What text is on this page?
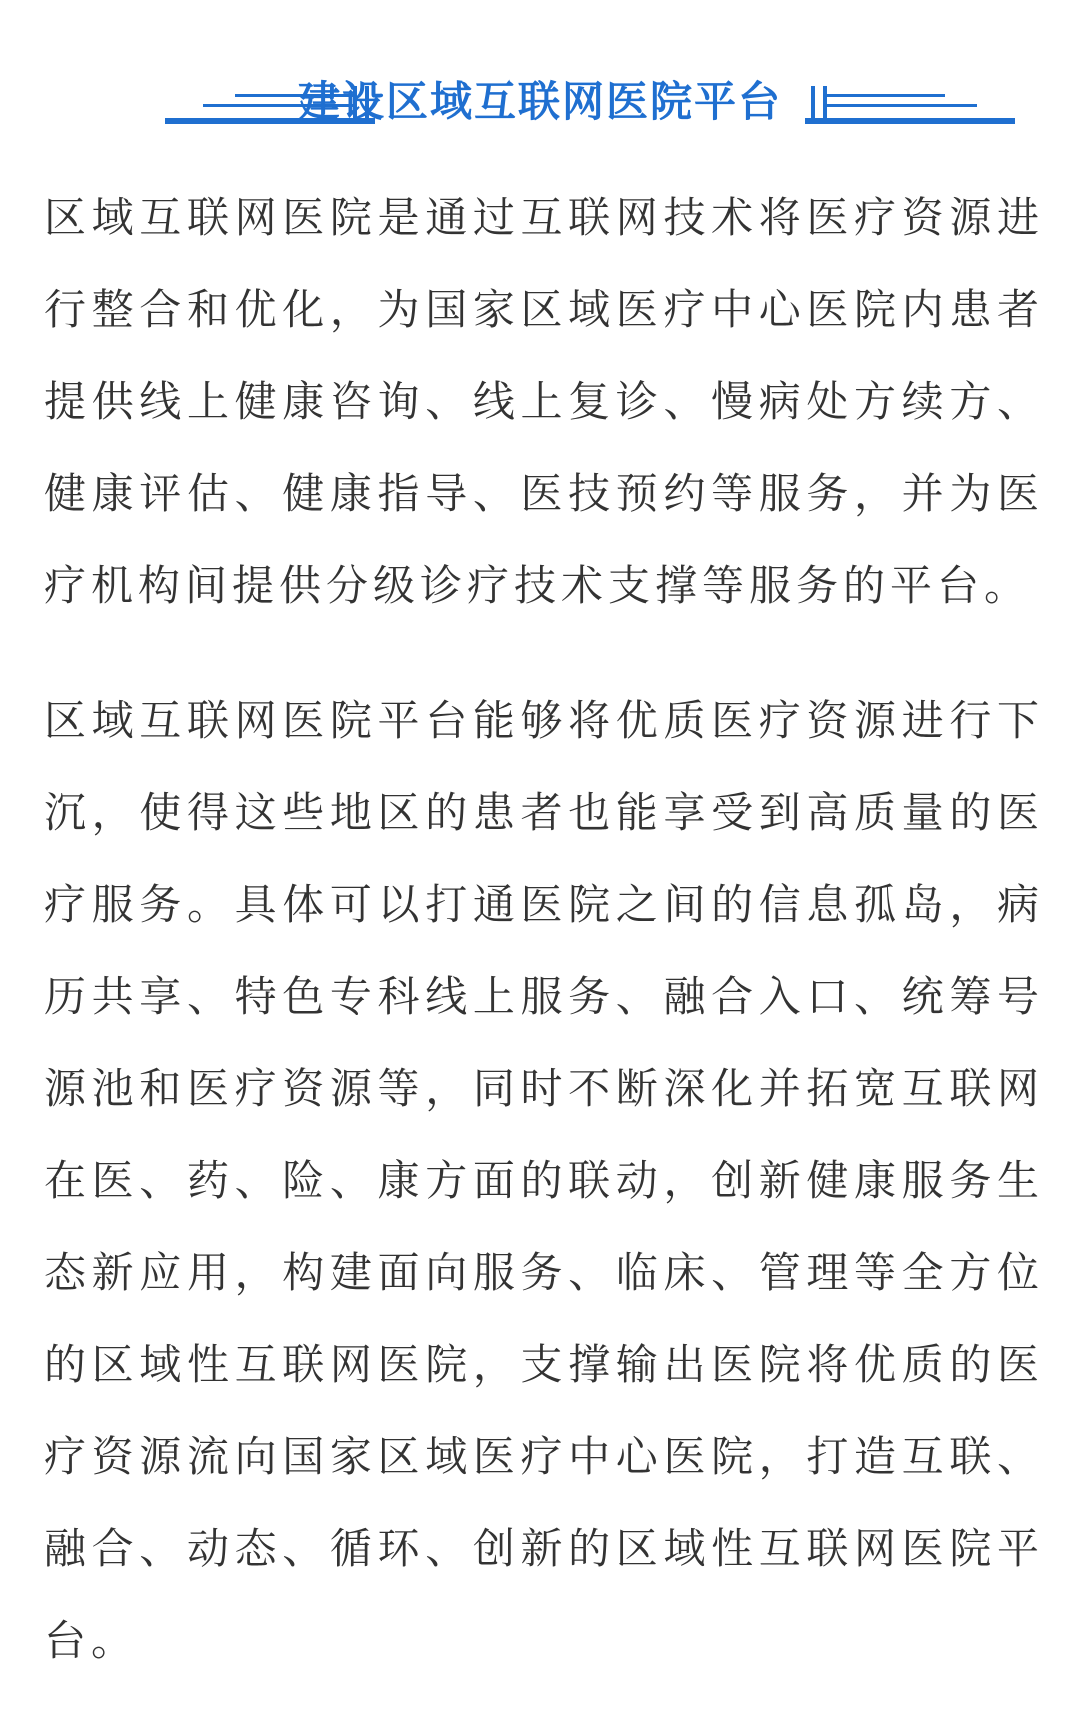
建设区域互联网医院平台

区域互联网医院是通过互联网技术将医疗资源进行整合和优化，为国家区域医疗中心医院内患者提供线上健康咨询、线上复诊、慢病处方续方、健康评估、健康指导、医技预约等服务，并为医疗机构间提供分级诊疗技术支撑等服务的平台。

区域互联网医院平台能够将优质医疗资源进行下沉，使得这些地区的患者也能享受到高质量的医疗服务。具体可以打通医院之间的信息孤岛，病历共享、特色专科线上服务、融合入口、统筹号源池和医疗资源等，同时不断深化并拓宽互联网在医、药、险、康方面的联动，创新健康服务生态新应用，构建面向服务、临床、管理等全方位的区域性互联网医院，支撑输出医院将优质的医疗资源流向国家区域医疗中心医院，打造互联、融合、动态、循环、创新的区域性互联网医院平台。
